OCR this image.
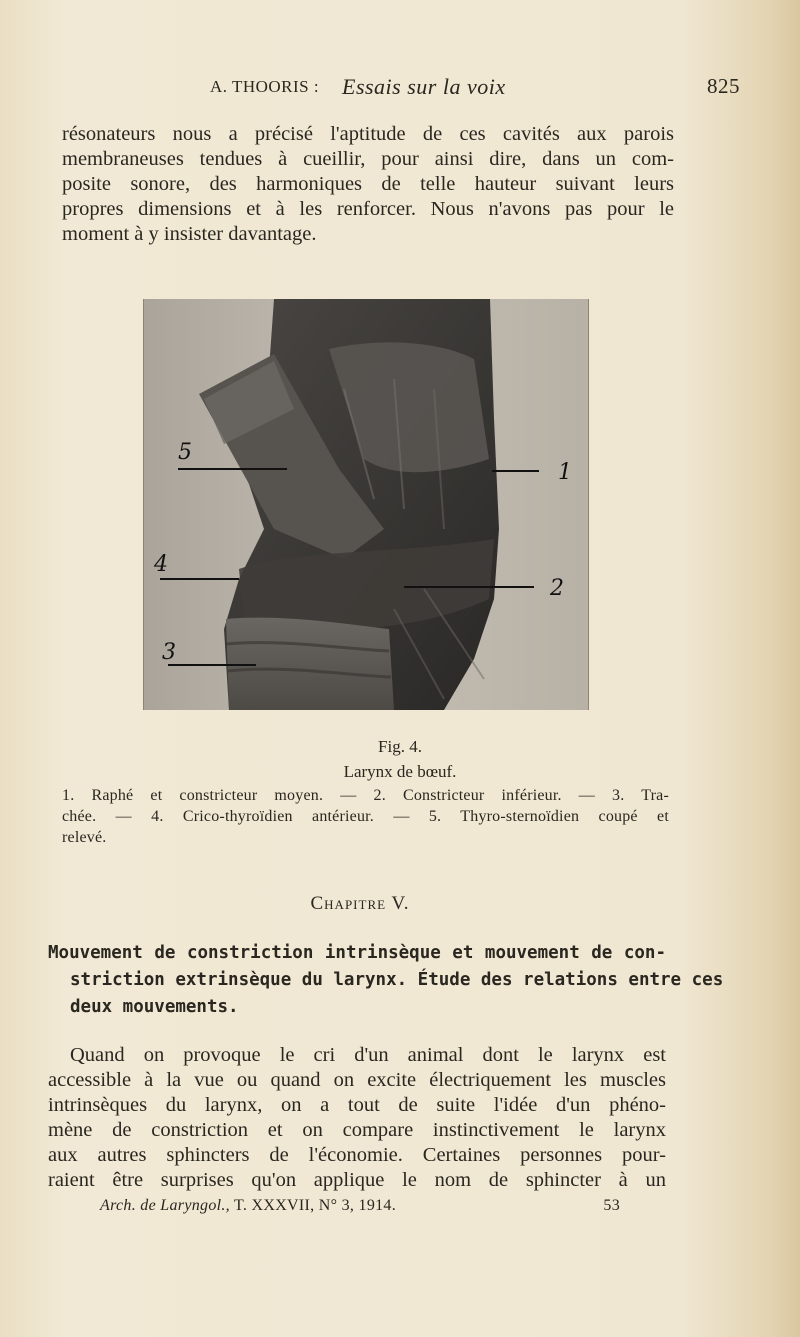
A. THOORIS : Essais sur la voix	825
résonateurs nous a précisé l'aptitude de ces cavités aux parois
membraneuses tendues à cueillir, pour ainsi dire, dans un com-
posite sonore, des harmoniques de telle hauteur suivant leurs
propres dimensions et à les renforcer. Nous n'avons pas pour le
moment à y insister davantage.
5
1
4
2
3
Fig. 4.
Larynx de bœuf.
1. Raphé et constricteur moyen. — 2. Constricteur inférieur. — 3. Tra-
chée. — 4. Crico-thyroïdien antérieur. — 5. Thyro-sternoïdien coupé et
relevé.
Chapitre V.
Mouvement de constriction intrinsèque et mouvement de con-
striction extrinsèque du larynx. Étude des relations entre ces
deux mouvements.
Quand on provoque le cri d'un animal dont le larynx est
accessible à la vue ou quand on excite électriquement les muscles
intrinsèques du larynx, on a tout de suite l'idée d'un phéno-
mène de constriction et on compare instinctivement le larynx
aux autres sphincters de l'économie. Certaines personnes pour-
raient être surprises qu'on applique le nom de sphincter à un
Arch. de Laryngol., T. XXXVII, N° 3, 1914.	53
